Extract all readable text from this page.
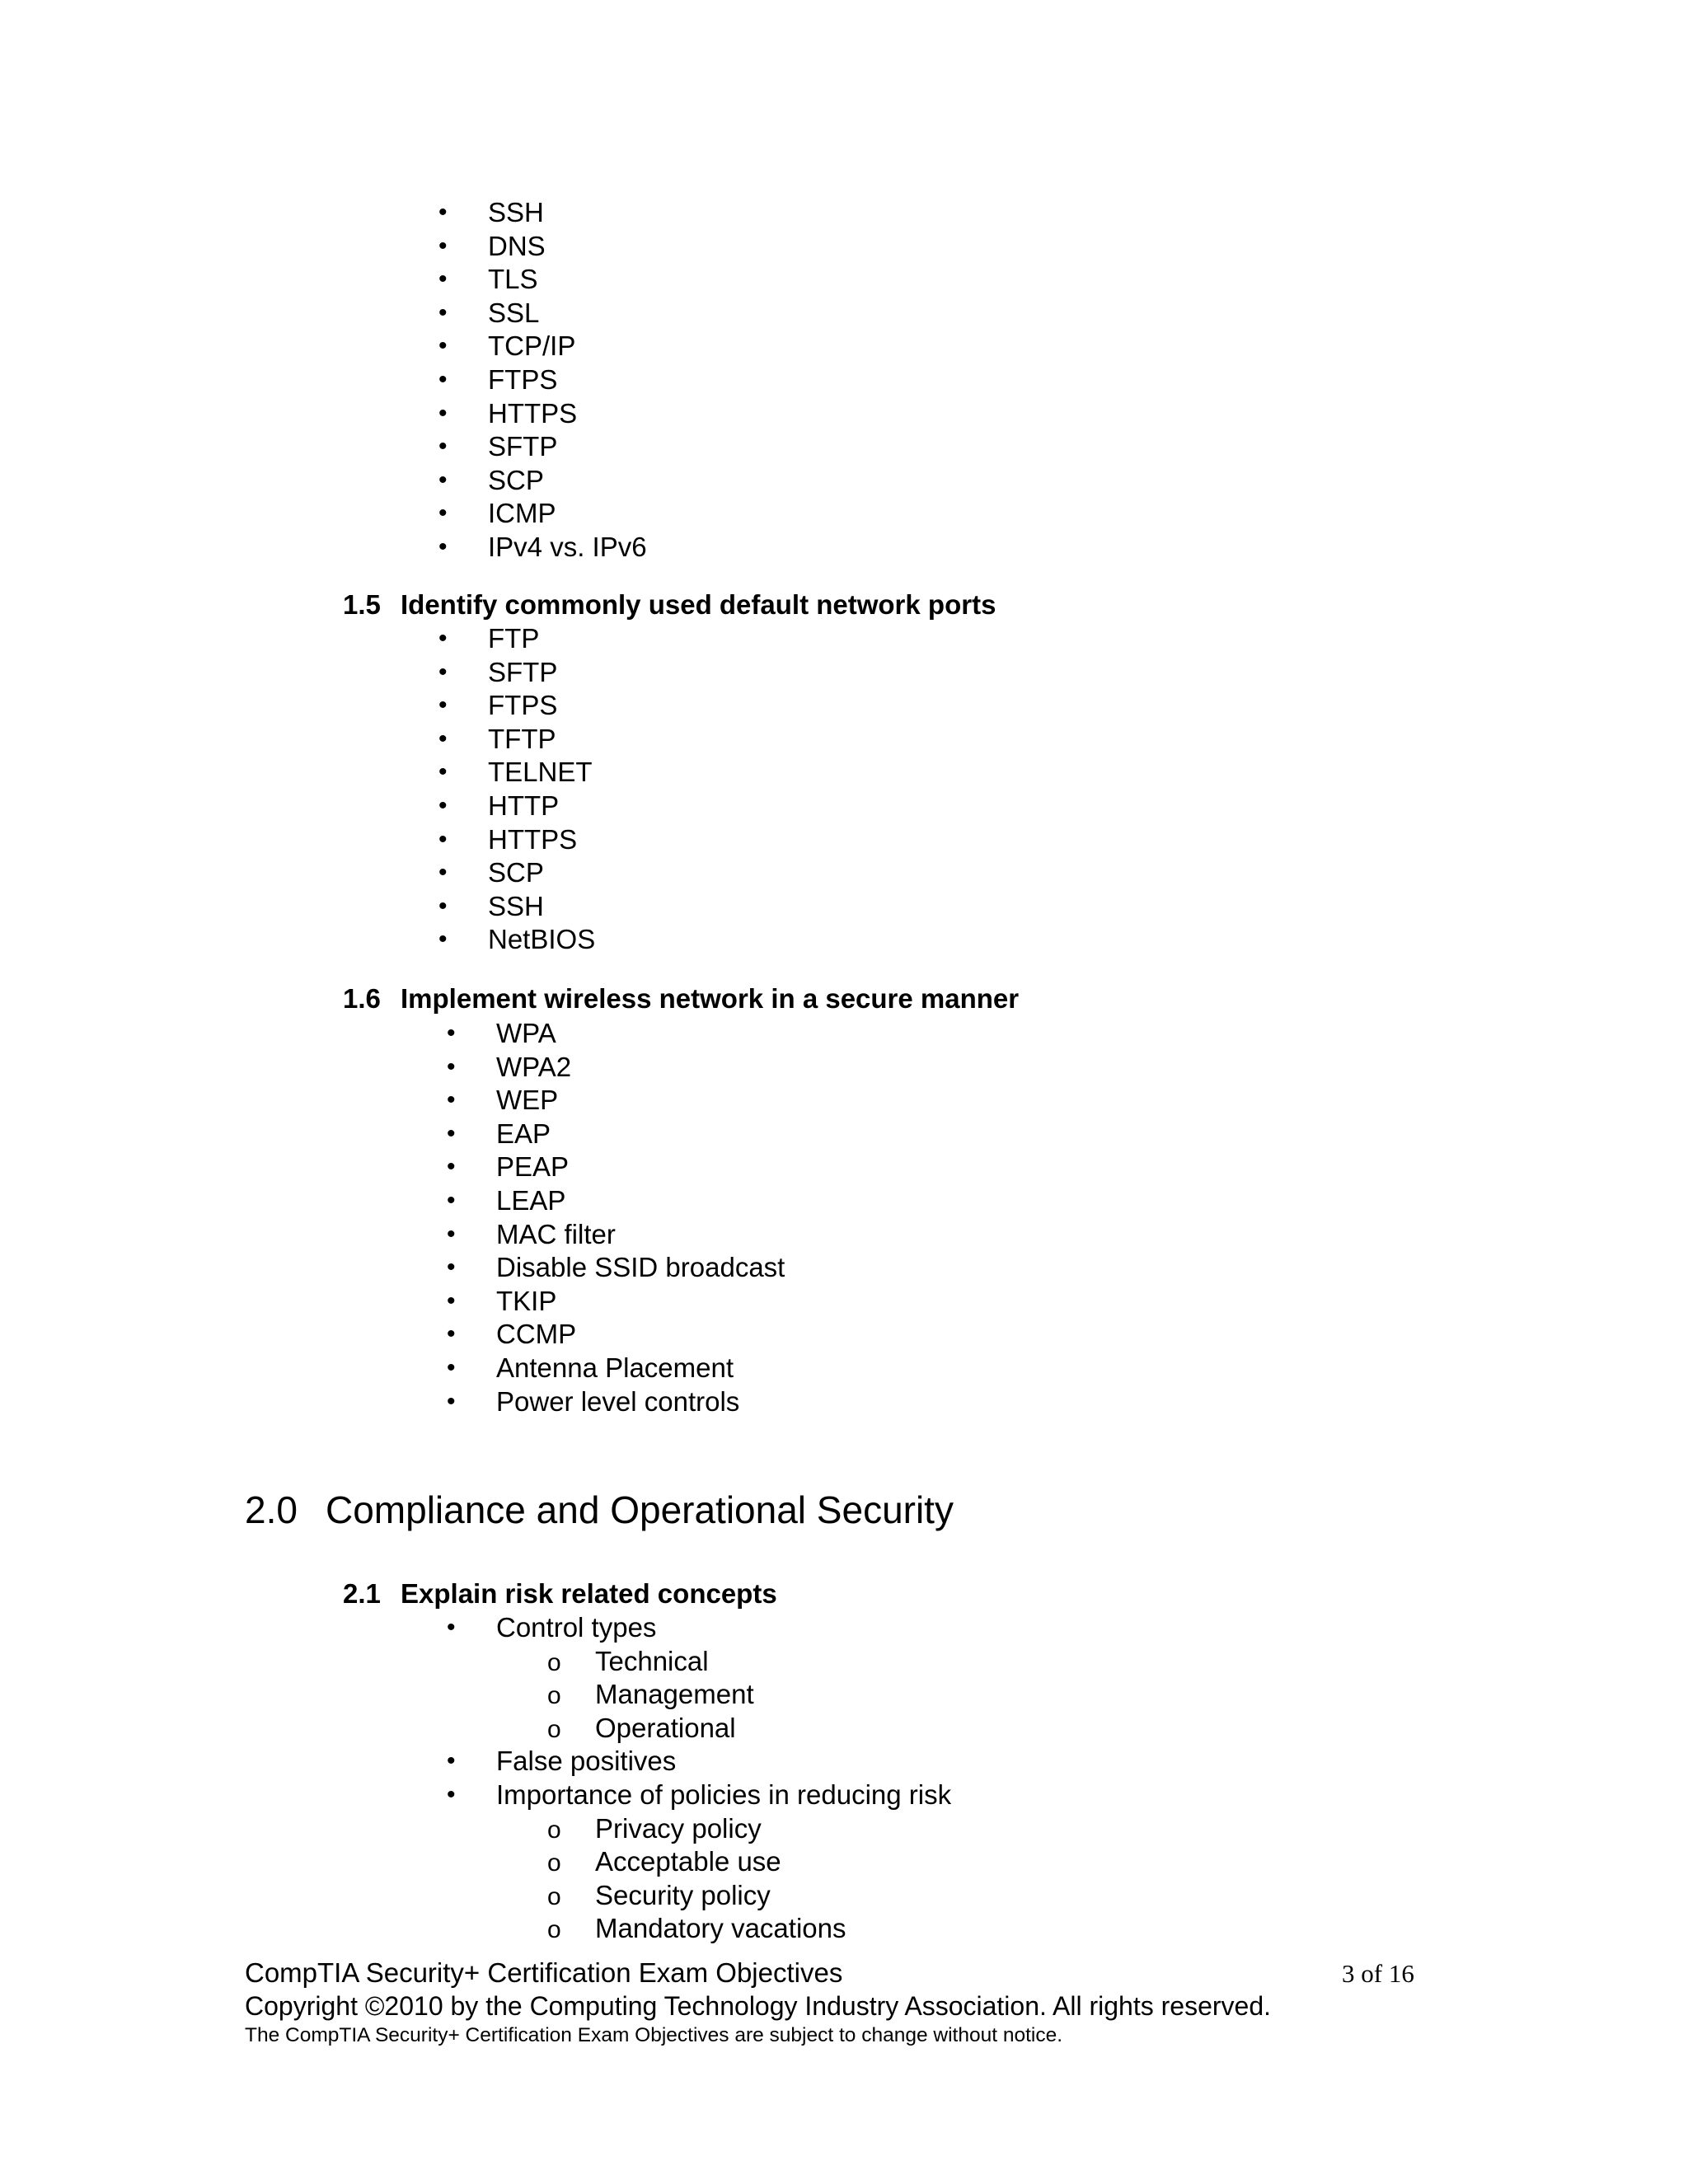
• SSH
• DNS
• TLS
• SSL
• TCP/IP
• FTPS
• HTTPS
• SFTP
• SCP
• ICMP
• IPv4 vs. IPv6
1.5 Identify commonly used default network ports
• FTP
• SFTP
• FTPS
• TFTP
• TELNET
• HTTP
• HTTPS
• SCP
• SSH
• NetBIOS
1.6 Implement wireless network in a secure manner
• WPA
• WPA2
• WEP
• EAP
• PEAP
• LEAP
• MAC filter
• Disable SSID broadcast
• TKIP
• CCMP
• Antenna Placement
• Power level controls
2.0 Compliance and Operational Security
2.1 Explain risk related concepts
• Control types
o Technical
o Management
o Operational
• False positives
• Importance of policies in reducing risk
o Privacy policy
o Acceptable use
o Security policy
o Mandatory vacations
CompTIA Security+ Certification Exam Objectives	3 of 16
Copyright ©2010 by the Computing Technology Industry Association. All rights reserved.
The CompTIA Security+ Certification Exam Objectives are subject to change without notice.
